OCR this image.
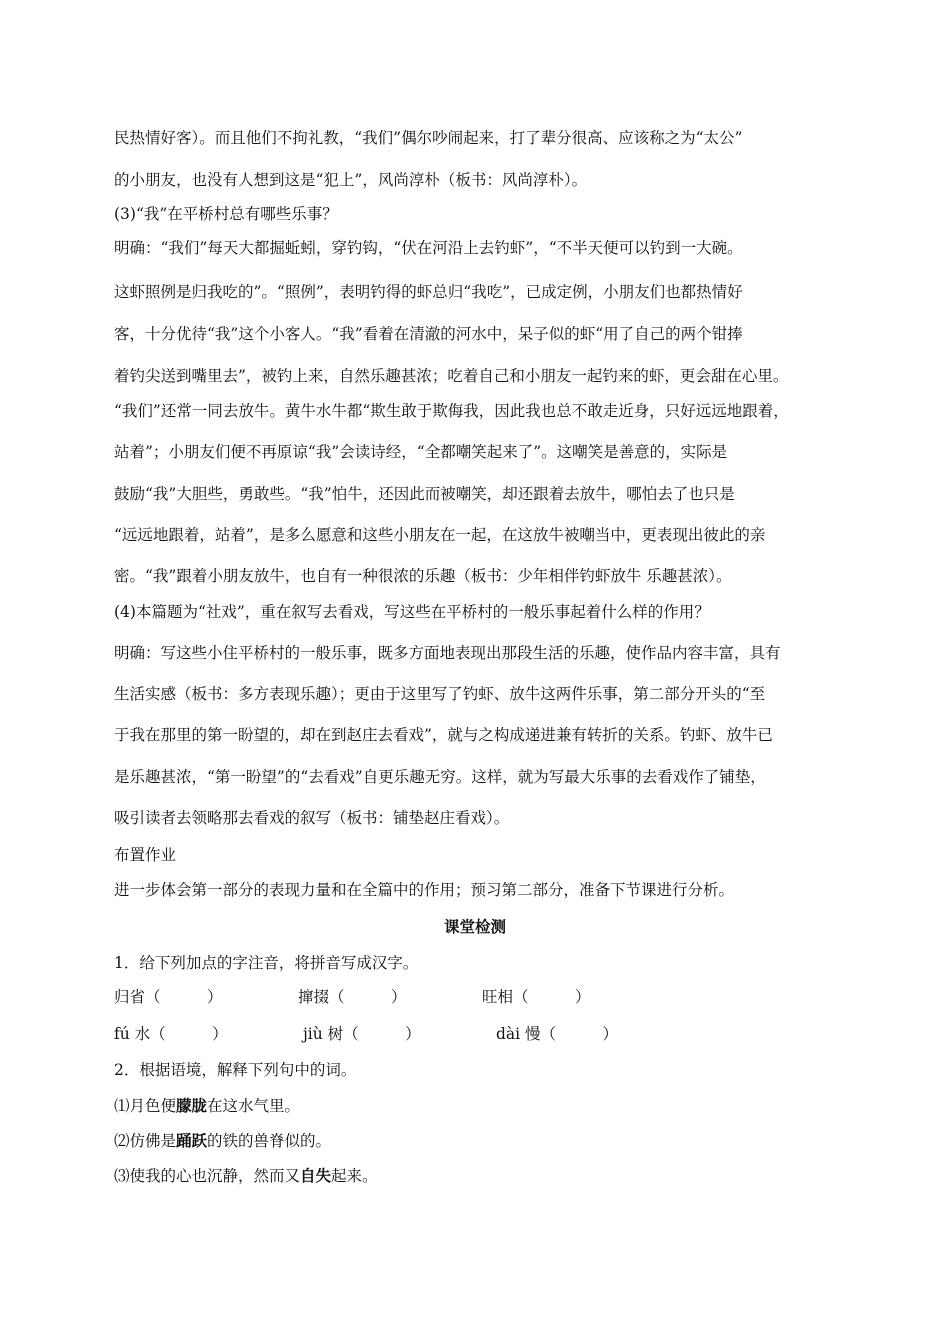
民热情好客）。而且他们不拘礼教，“我们”偶尔吵闹起来，打了辈分很高、应该称之为“太公”
的小朋友，也没有人想到这是“犯上”，风尚淳朴（板书：风尚淳朴）。
(3)“我”在平桥村总有哪些乐事？
明确：“我们”每天大都掘蚯蚓，穿钓钩，“伏在河沿上去钓虾”，“不半天便可以钓到一大碗。
这虾照例是归我吃的”。“照例”，表明钓得的虾总归“我吃”，已成定例，小朋友们也都热情好
客，十分优待“我”这个小客人。“我”看着在清澈的河水中，呆子似的虾“用了自己的两个钳捧
着钓尖送到嘴里去”，被钓上来，自然乐趣甚浓；吃着自己和小朋友一起钓来的虾，更会甜在心里。
“我们”还常一同去放牛。黄牛水牛都“欺生敢于欺侮我，因此我也总不敢走近身，只好远远地跟着，
站着”；小朋友们便不再原谅“我”会读诗经，“全都嘲笑起来了”。这嘲笑是善意的，实际是
鼓励“我”大胆些，勇敢些。“我”怕牛，还因此而被嘲笑，却还跟着去放牛，哪怕去了也只是
“远远地跟着，站着”，是多么愿意和这些小朋友在一起，在这放牛被嘲当中，更表现出彼此的亲
密。“我”跟着小朋友放牛，也自有一种很浓的乐趣（板书：少年相伴钓虾放牛 乐趣甚浓）。
(4)本篇题为“社戏”，重在叙写去看戏，写这些在平桥村的一般乐事起着什么样的作用？
明确：写这些小住平桥村的一般乐事，既多方面地表现出那段生活的乐趣，使作品内容丰富，具有
生活实感（板书：多方表现乐趣）；更由于这里写了钓虾、放牛这两件乐事，第二部分开头的“至
于我在那里的第一盼望的，却在到赵庄去看戏”，就与之构成递进兼有转折的关系。钓虾、放牛已
是乐趣甚浓，“第一盼望”的“去看戏”自更乐趣无穷。这样，就为写最大乐事的去看戏作了铺垫，
吸引读者去领略那去看戏的叙写（板书：铺垫赵庄看戏）。
布置作业
进一步体会第一部分的表现力量和在全篇中的作用；预习第二部分，准备下节课进行分析。
课堂检测
1．给下列加点的字注音，将拼音写成汉字。
归省（　　　）	撺掇（　　　）	旺相（　　　）
fú 水（　　　）	jiù 树（　　　）	dài 慢（　　　）
2．根据语境，解释下列句中的词。
⑴月色便朦胧在这水气里。
⑵仿佛是踊跃的铁的兽脊似的。
⑶使我的心也沉静，然而又自失起来。
